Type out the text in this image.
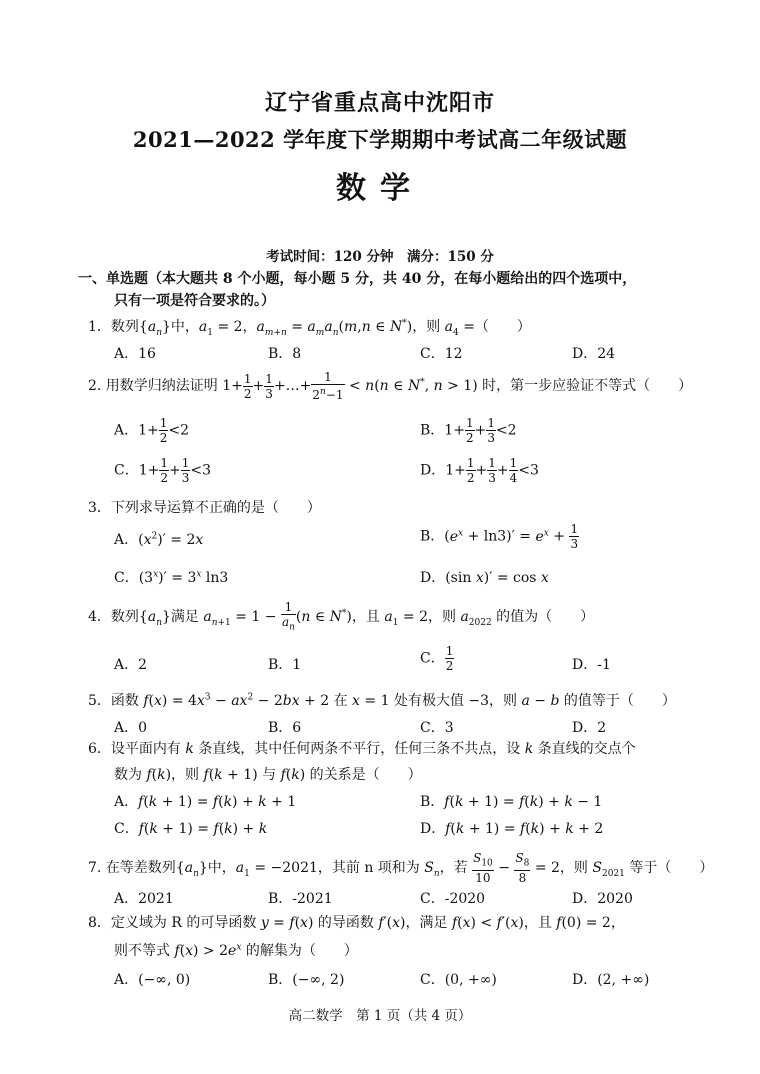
辽宁省重点高中沈阳市
2021—2022 学年度下学期期中考试高二年级试题
数学
考试时间：120 分钟　满分：150 分
一、单选题（本大题共 8 个小题，每小题 5 分，共 40 分，在每小题给出的四个选项中，
只有一项是符合要求的。）
1．数列$\{a_n\}$中，$a_1 = 2$，$a_{m+n} = a_ma_n(m,n$ ∈ N*)，则 $a_4$ =（　　）
A．16	B．8	C．12	D．24
2. 用数学归纳法证明 $1+ \frac{1}{2} + \frac{1}{3}$ +…+ $\frac{1}{2^n-1} < n(n$ ∈ N*, n > 1) 时，第一步应验证不等式（　　）
A．$1+ \frac{1}{2} <2$	B．$1+ \frac{1}{2} + \frac{1}{3} <2$
C．$1+ \frac{1}{2} + \frac{1}{3} <3$	D．$1+ \frac{1}{2} + \frac{1}{3} + \frac{1}{4} <3$
3．下列求导运算不正确的是（　　）
A．$(x^2)' = 2x$	B．$(e^x + \ln 3)' = e^x + \frac{1}{3}$
C．$(3^x)' = 3^x$ ln3	D．(sin x)′ = cos x
4．数列$\{a_n\}$满足 $a_{n+1} = 1 - \frac{1}{a_n} (n$ ∈ N*)，且 $a_1 = 2$，则 $a_{2022}$ 的值为（　　）
A．2	B．1	C． $\frac{1}{2}$	D．-1
5．函数 $f(x) = 4x^3 - ax^2 - 2bx + 2$ 在 x = 1 处有极大值 −3，则 a − b 的值等于（　　）
A．0	B．6	C．3	D．2
6．设平面内有 k 条直线，其中任何两条不平行，任何三条不共点，设 k 条直线的交点个
数为 f(k)，则 f(k + 1) 与 f(k) 的关系是（　　）
A．f(k + 1) = f(k) + k + 1	B．f(k + 1) = f(k) + k − 1
C．f(k + 1) = f(k) + k	D．f(k + 1) = f(k) + k + 2
7. 在等差数列$\{a_n\}$中，$a_1 = -2021$，其前 n 项和为 $S_n$，若 $\frac{S_{10}}{10} - \frac{S_8}{8} = 2$，则 $S_{2021}$ 等于（　　）
A．2021	B．-2021	C．-2020	D．2020
8．定义域为 R 的可导函数 y = f(x) 的导函数 f′(x)，满足 f(x) < f′(x)，且 f(0) = 2，
则不等式 $f(x) > 2e^x$ 的解集为（　　）
A．(−∞, 0)	B．(−∞, 2)	C．(0, +∞)	D．(2, +∞)
高二数学　第 1 页（共 4 页）
